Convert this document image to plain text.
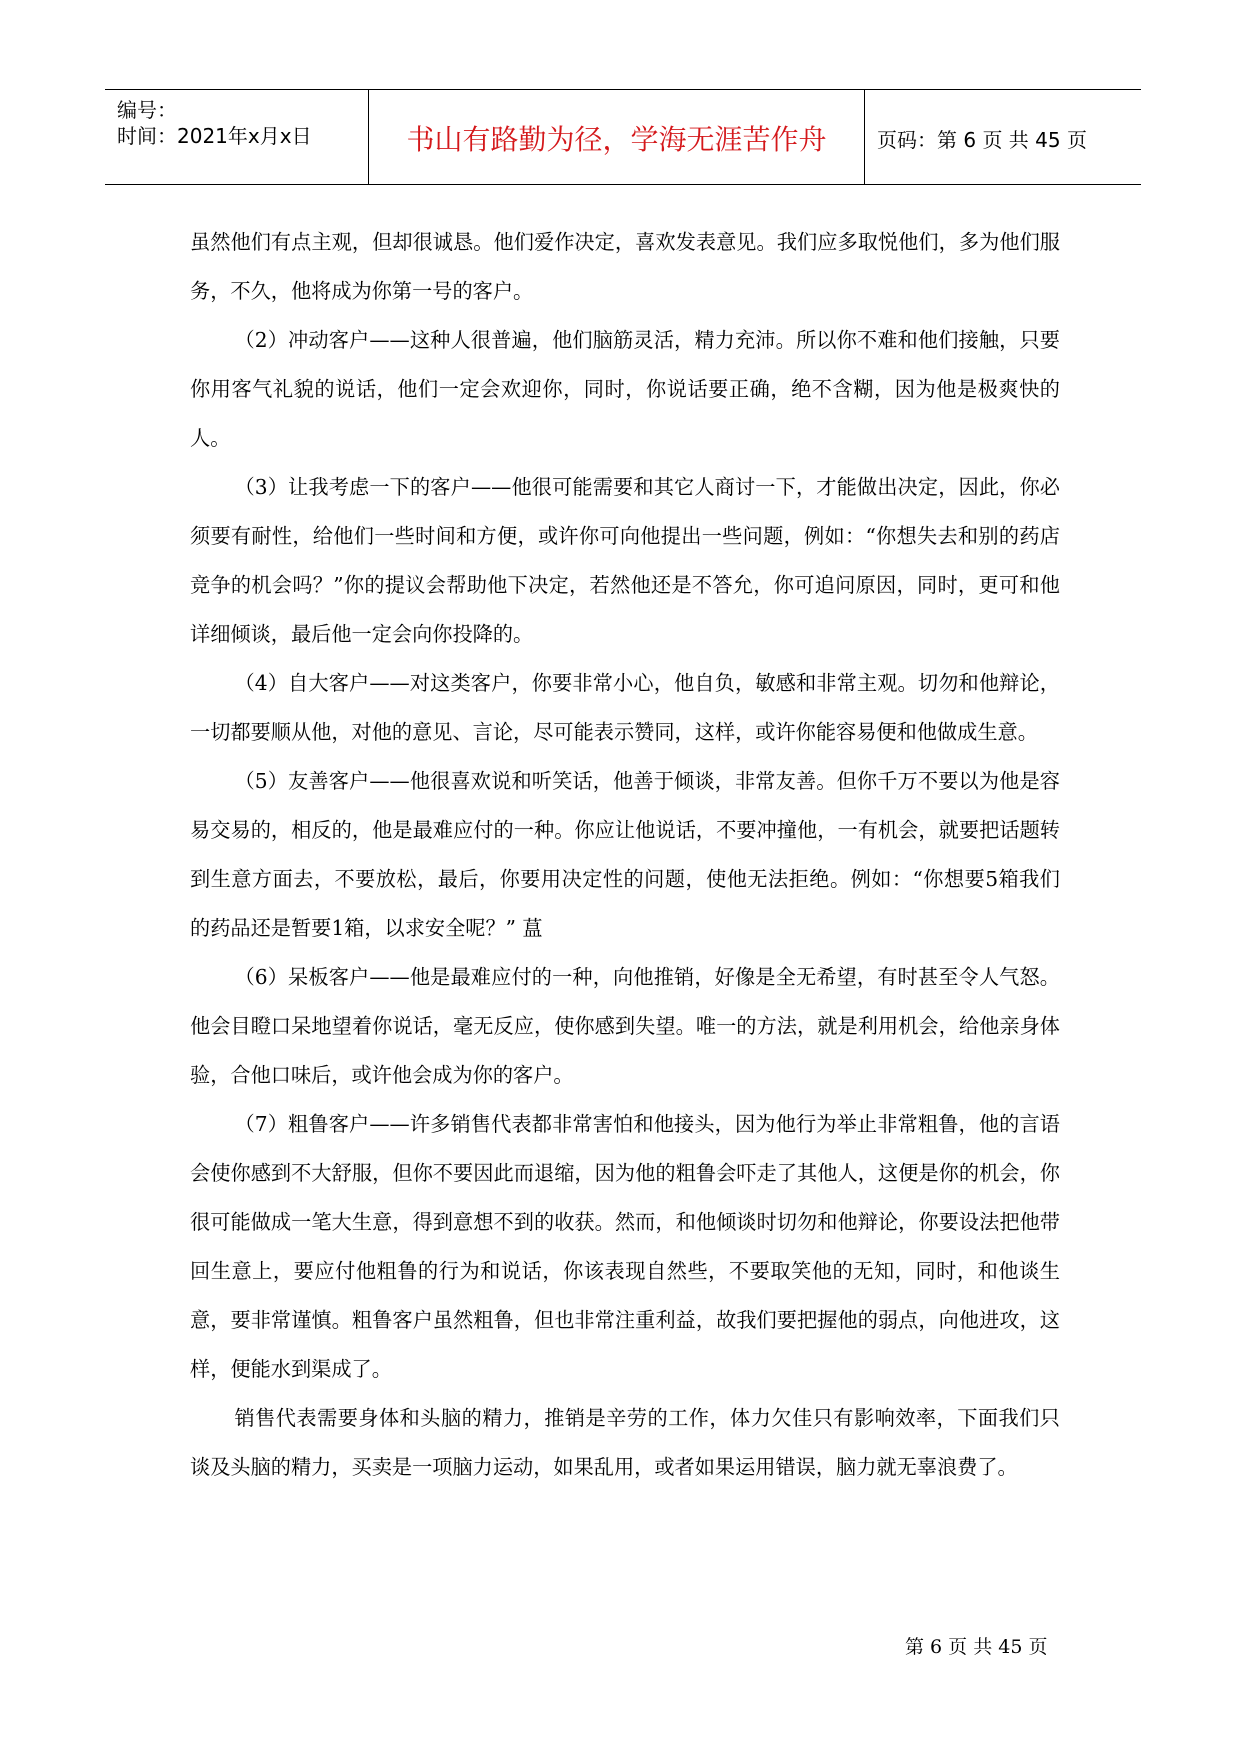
编号：
时间：2021年x月x日	书山有路勤为径，学海无涯苦作舟	页码：第 6 页 共 45 页

虽然他们有点主观，但却很诚恳。他们爱作决定，喜欢发表意见。我们应多取悦他们，多为他们服务，不久，他将成为你第一号的客户。

（2）冲动客户——这种人很普遍，他们脑筋灵活，精力充沛。所以你不难和他们接触，只要你用客气礼貌的说话，他们一定会欢迎你，同时，你说话要正确，绝不含糊，因为他是极爽快的人。

（3）让我考虑一下的客户——他很可能需要和其它人商讨一下，才能做出决定，因此，你必须要有耐性，给他们一些时间和方便，或许你可向他提出一些问题，例如：“你想失去和别的药店竞争的机会吗？”你的提议会帮助他下决定，若然他还是不答允，你可追问原因，同时，更可和他详细倾谈，最后他一定会向你投降的。

（4）自大客户——对这类客户，你要非常小心，他自负，敏感和非常主观。切勿和他辩论，一切都要顺从他，对他的意见、言论，尽可能表示赞同，这样，或许你能容易便和他做成生意。

（5）友善客户——他很喜欢说和听笑话，他善于倾谈，非常友善。但你千万不要以为他是容易交易的，相反的，他是最难应付的一种。你应让他说话，不要冲撞他，一有机会，就要把话题转到生意方面去，不要放松，最后，你要用决定性的问题，使他无法拒绝。例如：“你想要5箱我们的药品还是暂要1箱，以求安全呢？” 蒀

（6）呆板客户——他是最难应付的一种，向他推销，好像是全无希望，有时甚至令人气怒。他会目瞪口呆地望着你说话，毫无反应，使你感到失望。唯一的方法，就是利用机会，给他亲身体验，合他口味后，或许他会成为你的客户。

（7）粗鲁客户——许多销售代表都非常害怕和他接头，因为他行为举止非常粗鲁，他的言语会使你感到不大舒服，但你不要因此而退缩，因为他的粗鲁会吓走了其他人，这便是你的机会，你很可能做成一笔大生意，得到意想不到的收获。然而，和他倾谈时切勿和他辩论，你要设法把他带回生意上，要应付他粗鲁的行为和说话，你该表现自然些，不要取笑他的无知，同时，和他谈生意，要非常谨慎。粗鲁客户虽然粗鲁，但也非常注重利益，故我们要把握他的弱点，向他进攻，这样，便能水到渠成了。

销售代表需要身体和头脑的精力，推销是辛劳的工作，体力欠佳只有影响效率，下面我们只谈及头脑的精力，买卖是一项脑力运动，如果乱用，或者如果运用错误，脑力就无辜浪费了。

第 6 页 共 45 页
